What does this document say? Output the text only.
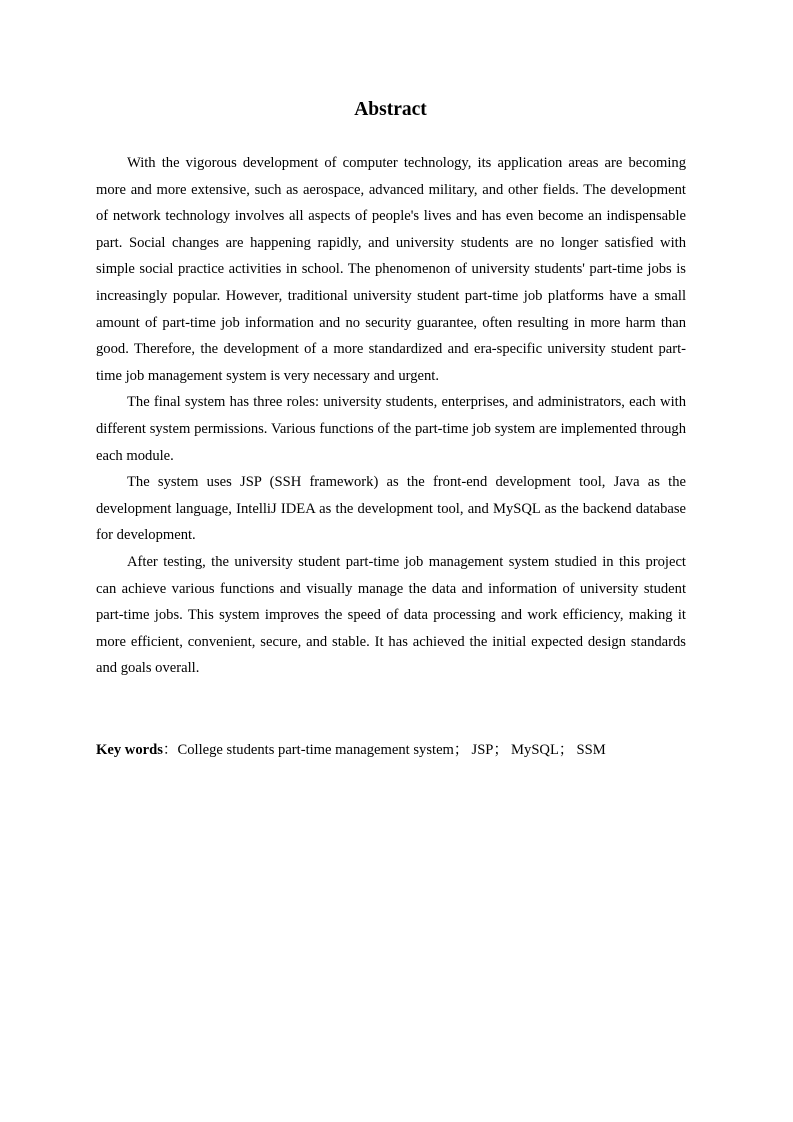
Abstract

With the vigorous development of computer technology, its application areas are becoming more and more extensive, such as aerospace, advanced military, and other fields. The development of network technology involves all aspects of people's lives and has even become an indispensable part. Social changes are happening rapidly, and university students are no longer satisfied with simple social practice activities in school. The phenomenon of university students' part-time jobs is increasingly popular. However, traditional university student part-time job platforms have a small amount of part-time job information and no security guarantee, often resulting in more harm than good. Therefore, the development of a more standardized and era-specific university student part-time job management system is very necessary and urgent.

The final system has three roles: university students, enterprises, and administrators, each with different system permissions. Various functions of the part-time job system are implemented through each module.

The system uses JSP (SSH framework) as the front-end development tool, Java as the development language, IntelliJ IDEA as the development tool, and MySQL as the backend database for development.

After testing, the university student part-time job management system studied in this project can achieve various functions and visually manage the data and information of university student part-time jobs. This system improves the speed of data processing and work efficiency, making it more efficient, convenient, secure, and stable. It has achieved the initial expected design standards and goals overall.

Key words：College students part-time management system； JSP； MySQL； SSM
